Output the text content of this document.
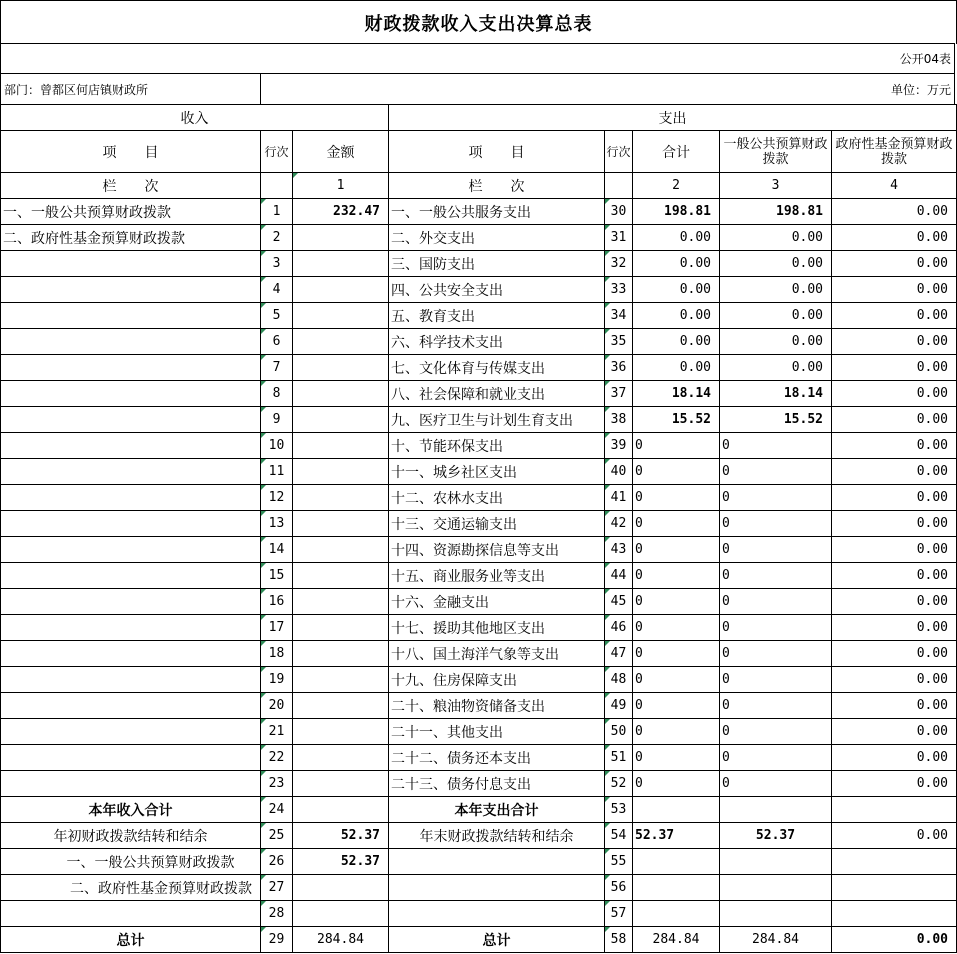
财政拨款收入支出决算总表
公开04表
部门：曾都区何店镇财政所	单位：万元
收入			支出				
项　　目	行次	金额	项　　目	行次	合计	一般公共预算财政拨款	政府性基金预算财政拨款
栏　　次		1	栏　　次		2	3	4
一、一般公共预算财政拨款	1	232.47	一、一般公共服务支出	30	198.81	198.81	0.00
二、政府性基金预算财政拨款	2		二、外交支出	31	0.00	0.00	0.00
	3		三、国防支出	32	0.00	0.00	0.00
	4		四、公共安全支出	33	0.00	0.00	0.00
	5		五、教育支出	34	0.00	0.00	0.00
	6		六、科学技术支出	35	0.00	0.00	0.00
	7		七、文化体育与传媒支出	36	0.00	0.00	0.00
	8		八、社会保障和就业支出	37	18.14	18.14	0.00
	9		九、医疗卫生与计划生育支出	38	15.52	15.52	0.00
	10		十、节能环保支出	39	0	0	0.00
	11		十一、城乡社区支出	40	0	0	0.00
	12		十二、农林水支出	41	0	0	0.00
	13		十三、交通运输支出	42	0	0	0.00
	14		十四、资源勘探信息等支出	43	0	0	0.00
	15		十五、商业服务业等支出	44	0	0	0.00
	16		十六、金融支出	45	0	0	0.00
	17		十七、援助其他地区支出	46	0	0	0.00
	18		十八、国土海洋气象等支出	47	0	0	0.00
	19		十九、住房保障支出	48	0	0	0.00
	20		二十、粮油物资储备支出	49	0	0	0.00
	21		二十一、其他支出	50	0	0	0.00
	22		二十二、债务还本支出	51	0	0	0.00
	23		二十三、债务付息支出	52	0	0	0.00
本年收入合计	24		本年支出合计	53			
年初财政拨款结转和结余	25	52.37	年末财政拨款结转和结余	54	52.37	52.37	0.00
一、一般公共预算财政拨款	26	52.37		55			
二、政府性基金预算财政拨款	27			56			
	28			57			
总计	29	284.84	总计	58	284.84	284.84	0.00
